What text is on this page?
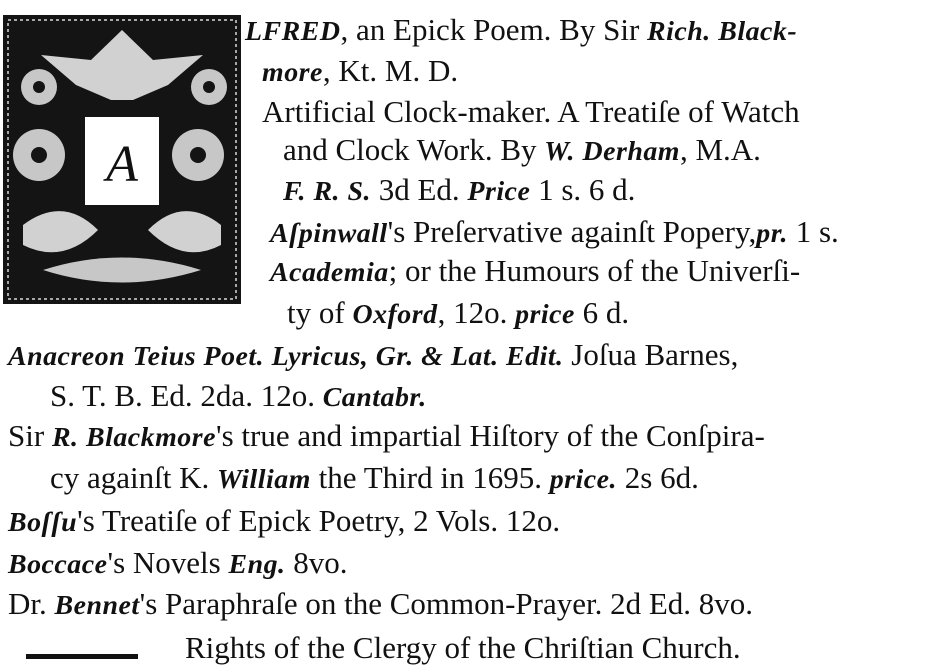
A
LFRED, an Epick Poem. By Sir Rich. Black-
more, Kt. M. D.
Artificial Clock-maker. A Treatiſe of Watch
and Clock Work. By W. Derham, M.A.
F. R. S. 3d Ed. Price 1 s. 6 d.
Aſpinwall's Preſervative againſt Popery,pr. 1 s.
Academia; or the Humours of the Univerſi-
ty of Oxford, 12o. price 6 d.
Anacreon Teius Poet. Lyricus, Gr. & Lat. Edit. Joſua Barnes,
S. T. B. Ed. 2da. 12o. Cantabr.
Sir R. Blackmore's true and impartial Hiſtory of the Conſpira-
cy againſt K. William the Third in 1695. price. 2s 6d.
Boſſu's Treatiſe of Epick Poetry, 2 Vols. 12o.
Boccace's Novels Eng. 8vo.
Dr. Bennet's Paraphraſe on the Common-Prayer. 2d Ed. 8vo.
Rights of the Clergy of the Chriſtian Church.
